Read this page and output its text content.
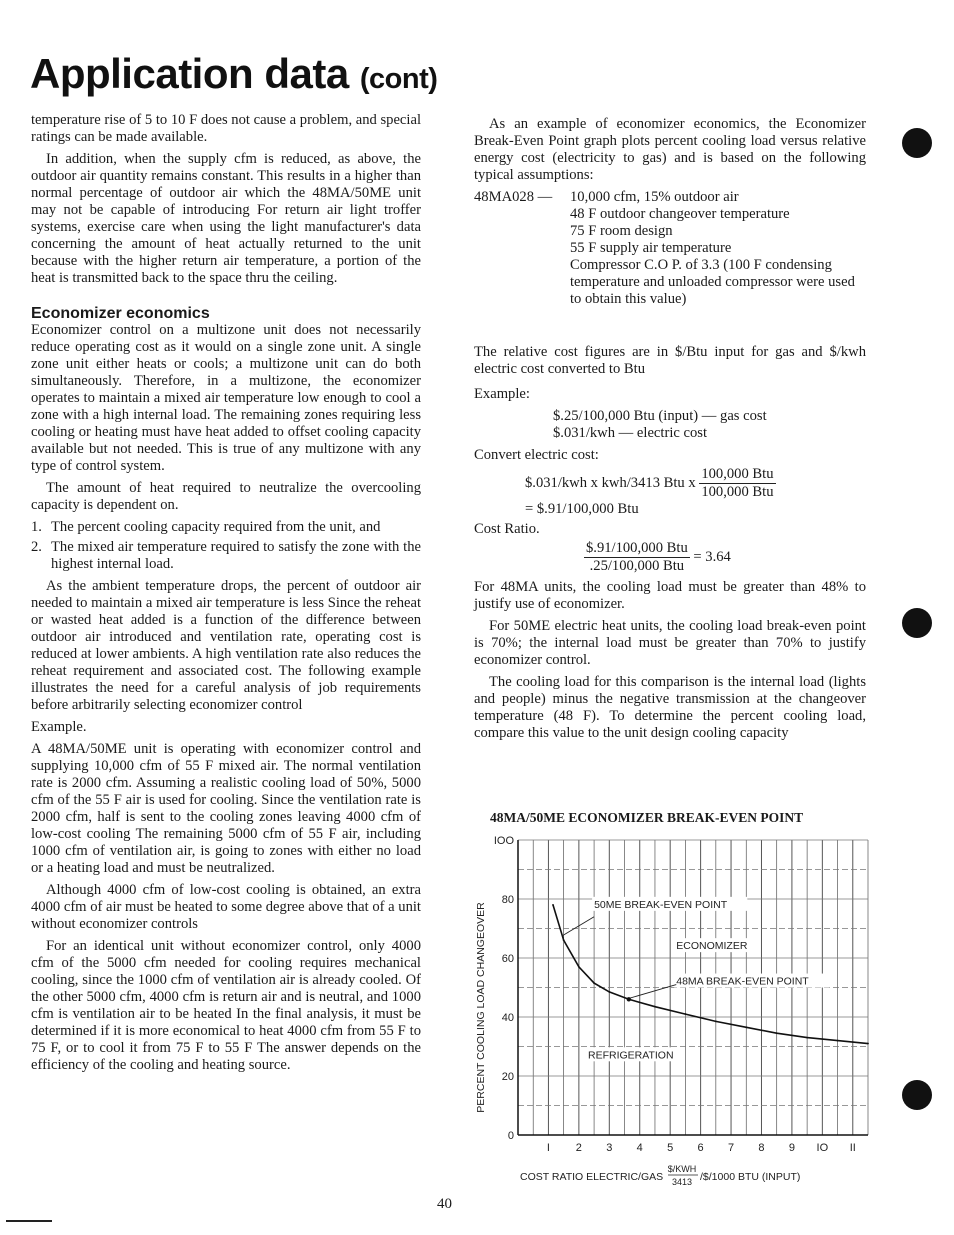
Application data (cont)

temperature rise of 5 to 10 F does not cause a problem, and special ratings can be made available.

In addition, when the supply cfm is reduced, as above, the outdoor air quantity remains constant. This results in a higher than normal percentage of outdoor air which the 48MA/50ME unit may not be capable of introducing For return air light troffer systems, exercise care when using the light manufacturer's data concerning the amount of heat actually returned to the unit because with the higher return air temperature, a portion of the heat is transmitted back to the space thru the ceiling.

Economizer economics

Economizer control on a multizone unit does not necessarily reduce operating cost as it would on a single zone unit. A single zone unit either heats or cools; a multizone unit can do both simultaneously. Therefore, in a multizone, the economizer operates to maintain a mixed air temperature low enough to cool a zone with a high internal load. The remaining zones requiring less cooling or heating must have heat added to offset cooling capacity available but not needed. This is true of any multizone with any type of control system.

The amount of heat required to neutralize the overcooling capacity is dependent on.

1. The percent cooling capacity required from the unit, and
2. The mixed air temperature required to satisfy the zone with the highest internal load.

As the ambient temperature drops, the percent of outdoor air needed to maintain a mixed air temperature is less Since the reheat or wasted heat added is a function of the difference between outdoor air introduced and ventilation rate, operating cost is reduced at lower ambients. A high ventilation rate also reduces the reheat requirement and associated cost. The following example illustrates the need for a careful analysis of job requirements before arbitrarily selecting economizer control

Example.

A 48MA/50ME unit is operating with economizer control and supplying 10,000 cfm of 55 F mixed air. The normal ventilation rate is 2000 cfm. Assuming a realistic cooling load of 50%, 5000 cfm of the 55 F air is used for cooling. Since the ventilation rate is 2000 cfm, half is sent to the cooling zones leaving 4000 cfm of low-cost cooling The remaining 5000 cfm of 55 F air, including 1000 cfm of ventilation air, is going to zones with either no load or a heating load and must be neutralized.

Although 4000 cfm of low-cost cooling is obtained, an extra 4000 cfm of air must be heated to some degree above that of a unit without economizer controls

For an identical unit without economizer control, only 4000 cfm of the 5000 cfm needed for cooling requires mechanical cooling, since the 1000 cfm of ventilation air is already cooled. Of the other 5000 cfm, 4000 cfm is return air and is neutral, and 1000 cfm is ventilation air to be heated In the final analysis, it must be determined if it is more economical to heat 4000 cfm from 55 F to 75 F, or to cool it from 75 F to 55 F The answer depends on the efficiency of the cooling and heating source.

As an example of economizer economics, the Economizer Break-Even Point graph plots percent cooling load versus relative energy cost (electricity to gas) and is based on the following typical assumptions:

48MA028 —	10,000 cfm, 15% outdoor air
48 F outdoor changeover temperature
75 F room design
55 F supply air temperature
Compressor C.O P. of 3.3 (100 F condensing temperature and unloaded compressor were used to obtain this value)

The relative cost figures are in $/Btu input for gas and $/kwh electric cost converted to Btu

Example:

$.25/100,000 Btu (input) — gas cost
$.031/kwh — electric cost
Convert electric cost:
$.031/kwh x kwh/3413 Btu x $\frac{\text{100,000 Btu}}{\text{100,000 Btu}}$
= $.91/100,000 Btu
Cost Ratio.
$\frac{\text{\$.91/100,000 Btu}}{\text{.25/100,000 Btu}} = 3.64$

For 48MA units, the cooling load must be greater than 48% to justify use of economizer.

For 50ME electric heat units, the cooling load break-even point is 70%; the internal load must be greater than 70% to justify economizer control.

The cooling load for this comparison is the internal load (lights and people) minus the negative transmission at the changeover temperature (48 F). To determine the percent cooling load, compare this value to the unit design cooling capacity

48MA/50ME ECONOMIZER BREAK-EVEN POINT
0
20
40
60
80
IOO
I 2 3 4 5 6 7 8 9 IO II
PERCENT COOLING LOAD CHANGEOVER
COST RATIO ELECTRIC/GAS
$/KWH
3413 /$/1000 BTU (INPUT)
50ME BREAK-EVEN POINT
ECONOMIZER
48MA BREAK-EVEN POINT
REFRIGERATION
40
